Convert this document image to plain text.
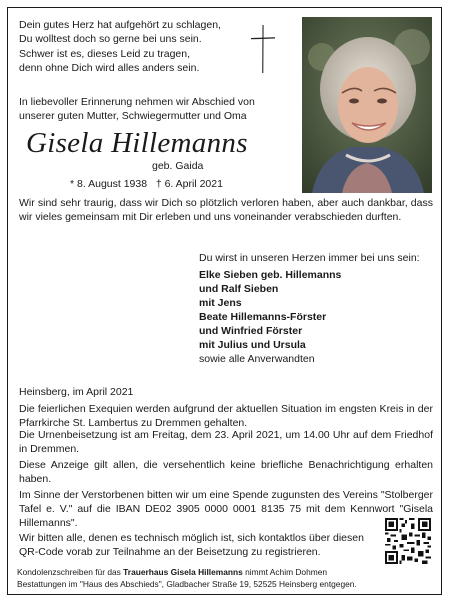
Dein gutes Herz hat aufgehört zu schlagen,
Du wolltest doch so gerne bei uns sein.
Schwer ist es, dieses Leid zu tragen,
denn ohne Dich wird alles anders sein.
In liebevoller Erinnerung nehmen wir Abschied von
unserer guten Mutter, Schwiegermutter und Oma
Gisela Hillemanns
geb. Gaida
* 8. August 1938   † 6. April 2021
Wir sind sehr traurig, dass wir Dich so plötzlich verloren haben, aber auch dankbar, dass wir vieles gemeinsam mit Dir erleben und uns voneinander verabschieden durften.
Du wirst in unseren Herzen immer bei uns sein:
Elke Sieben geb. Hillemanns
und Ralf Sieben
mit Jens
Beate Hillemanns-Förster
und Winfried Förster
mit Julius und Ursula
sowie alle Anverwandten
Heinsberg, im April 2021
Die feierlichen Exequien werden aufgrund der aktuellen Situation im engsten Kreis in der Pfarrkirche St. Lambertus zu Dremmen gehalten.
Die Urnenbeisetzung ist am Freitag, dem 23. April 2021, um 14.00 Uhr auf dem Friedhof in Dremmen.
Diese Anzeige gilt allen, die versehentlich keine briefliche Benachrichtigung erhalten haben.
Im Sinne der Verstorbenen bitten wir um eine Spende zugunsten des Vereins "Stolberger Tafel e. V." auf die IBAN DE02 3905 0000 0001 8135 75 mit dem Kennwort "Gisela Hillemanns".
Wir bitten alle, denen es technisch möglich ist, sich kontaktlos über diesen QR-Code vorab zur Teilnahme an der Beisetzung zu registrieren.
Kondolenzschreiben für das Trauerhaus Gisela Hillemanns nimmt Achim Dohmen
Bestattungen im "Haus des Abschieds", Gladbacher Straße 19, 52525 Heinsberg entgegen.
